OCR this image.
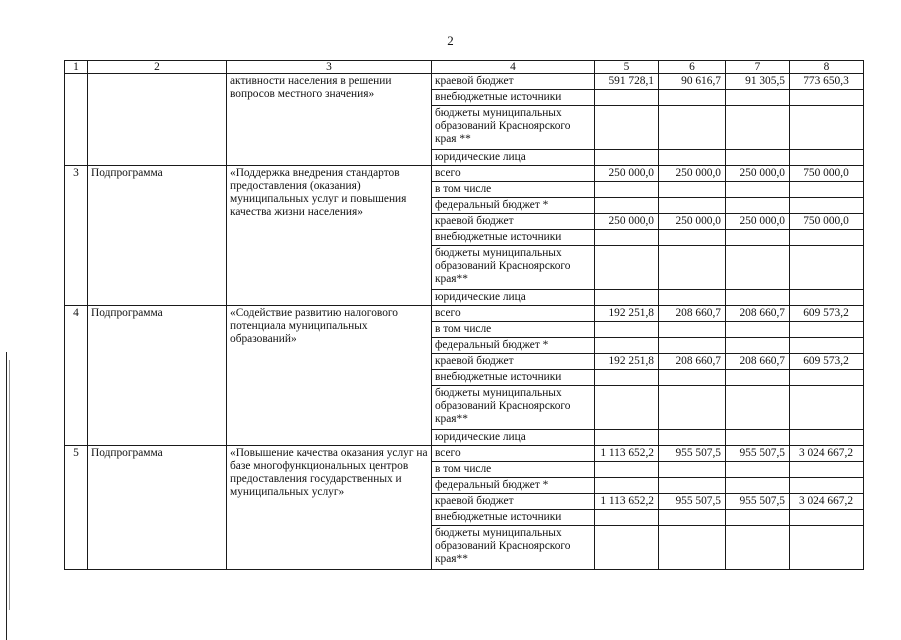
2
1	2	3	4	5	6	7	8
		активности населения в решении вопросов местного значения»	краевой бюджет	591 728,1	90 616,7	91 305,5	773 650,3
			внебюджетные источники				
			бюджеты муниципальных образований Красноярского края **				
			юридические лица				
3	Подпрограмма	«Поддержка внедрения стандартов предоставления (оказания) муниципальных услуг и повышения качества жизни населения»	всего	250 000,0	250 000,0	250 000,0	750 000,0
			в том числе				
			федеральный бюджет *				
			краевой бюджет	250 000,0	250 000,0	250 000,0	750 000,0
			внебюджетные источники				
			бюджеты муниципальных образований Красноярского края**				
			юридические лица				
4	Подпрограмма	«Содействие развитию налогового потенциала муниципальных образований»	всего	192 251,8	208 660,7	208 660,7	609 573,2
			в том числе				
			федеральный бюджет *				
			краевой бюджет	192 251,8	208 660,7	208 660,7	609 573,2
			внебюджетные источники				
			бюджеты муниципальных образований Красноярского края**				
			юридические лица				
5	Подпрограмма	«Повышение качества оказания услуг на базе многофункциональных центров предоставления государственных и муниципальных услуг»	всего	1 113 652,2	955 507,5	955 507,5	3 024 667,2
			в том числе				
			федеральный бюджет *				
			краевой бюджет	1 113 652,2	955 507,5	955 507,5	3 024 667,2
			внебюджетные источники				
			бюджеты муниципальных образований Красноярского края**				
